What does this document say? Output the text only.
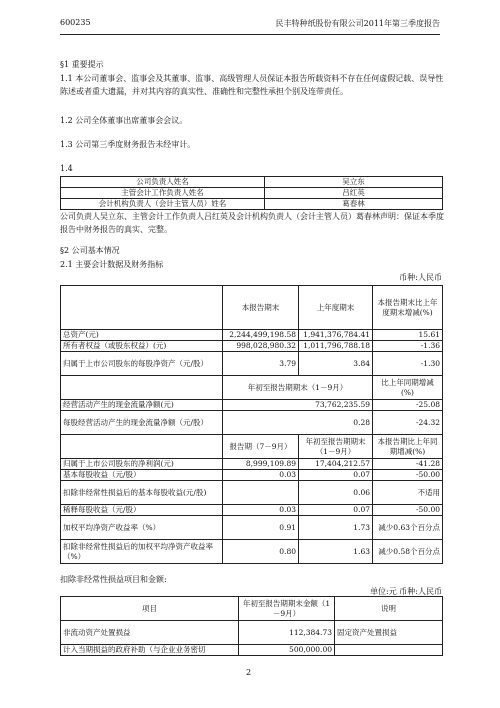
600235	民丰特种纸股份有限公司2011年第三季度报告
§1 重要提示
1.1 本公司董事会、监事会及其董事、监事、高级管理人员保证本报告所载资料不存在任何虚假记载、误导性陈述或者重大遗漏，并对其内容的真实性、准确性和完整性承担个别及连带责任。
1.2 公司全体董事出席董事会会议。
1.3 公司第三季度财务报告未经审计。
1.4
公司负责人姓名	吴立东
主管会计工作负责人姓名	吕红英
会计机构负责人（会计主管人员）姓名	葛春林
公司负责人吴立东、主管会计工作负责人吕红英及会计机构负责人（会计主管人员）葛春林声明：保证本季度报告中财务报告的真实、完整。
§2 公司基本情况
2.1 主要会计数据及财务指标
币种:人民币
	本报告期末	上年度期末	本报告期末比上年度期末增减(%)
总资产(元)	2,244,499,198.58	1,941,376,784.41	15.61
所有者权益（或股东权益）(元)	998,028,980.32	1,011,796,788.18	-1.36
归属于上市公司股东的每股净资产（元/股）	3.79	3.84	-1.30
	年初至报告期期末（1－9月）		比上年同期增减(%)
经营活动产生的现金流量净额(元)	73,762,235.59		-25.08
每股经营活动产生的现金流量净额（元/股）	0.28		-24.32
	报告期（7－9月）	年初至报告期期末（1－9月）	本报告期比上年同期增减(%)
归属于上市公司股东的净利润(元)	8,999,109.89	17,404,212.57	-41.28
基本每股收益（元/股）	0.03	0.07	-50.00
扣除非经常性损益后的基本每股收益(元/股)		0.06	不适用
稀释每股收益（元/股）	0.03	0.07	-50.00
加权平均净资产收益率（%）	0.91	1.73	减少0.63个百分点
扣除非经常性损益后的加权平均净资产收益率（%）	0.80	1.63	减少0.58个百分点
扣除非经常性损益项目和金额:
单位:元 币种:人民币
项目	年初至报告期期末金额（1－9月）	说明
非流动资产处置损益	112,384.73	固定资产处置损益
计入当期损益的政府补助（与企业业务密切	500,000.00	
2
